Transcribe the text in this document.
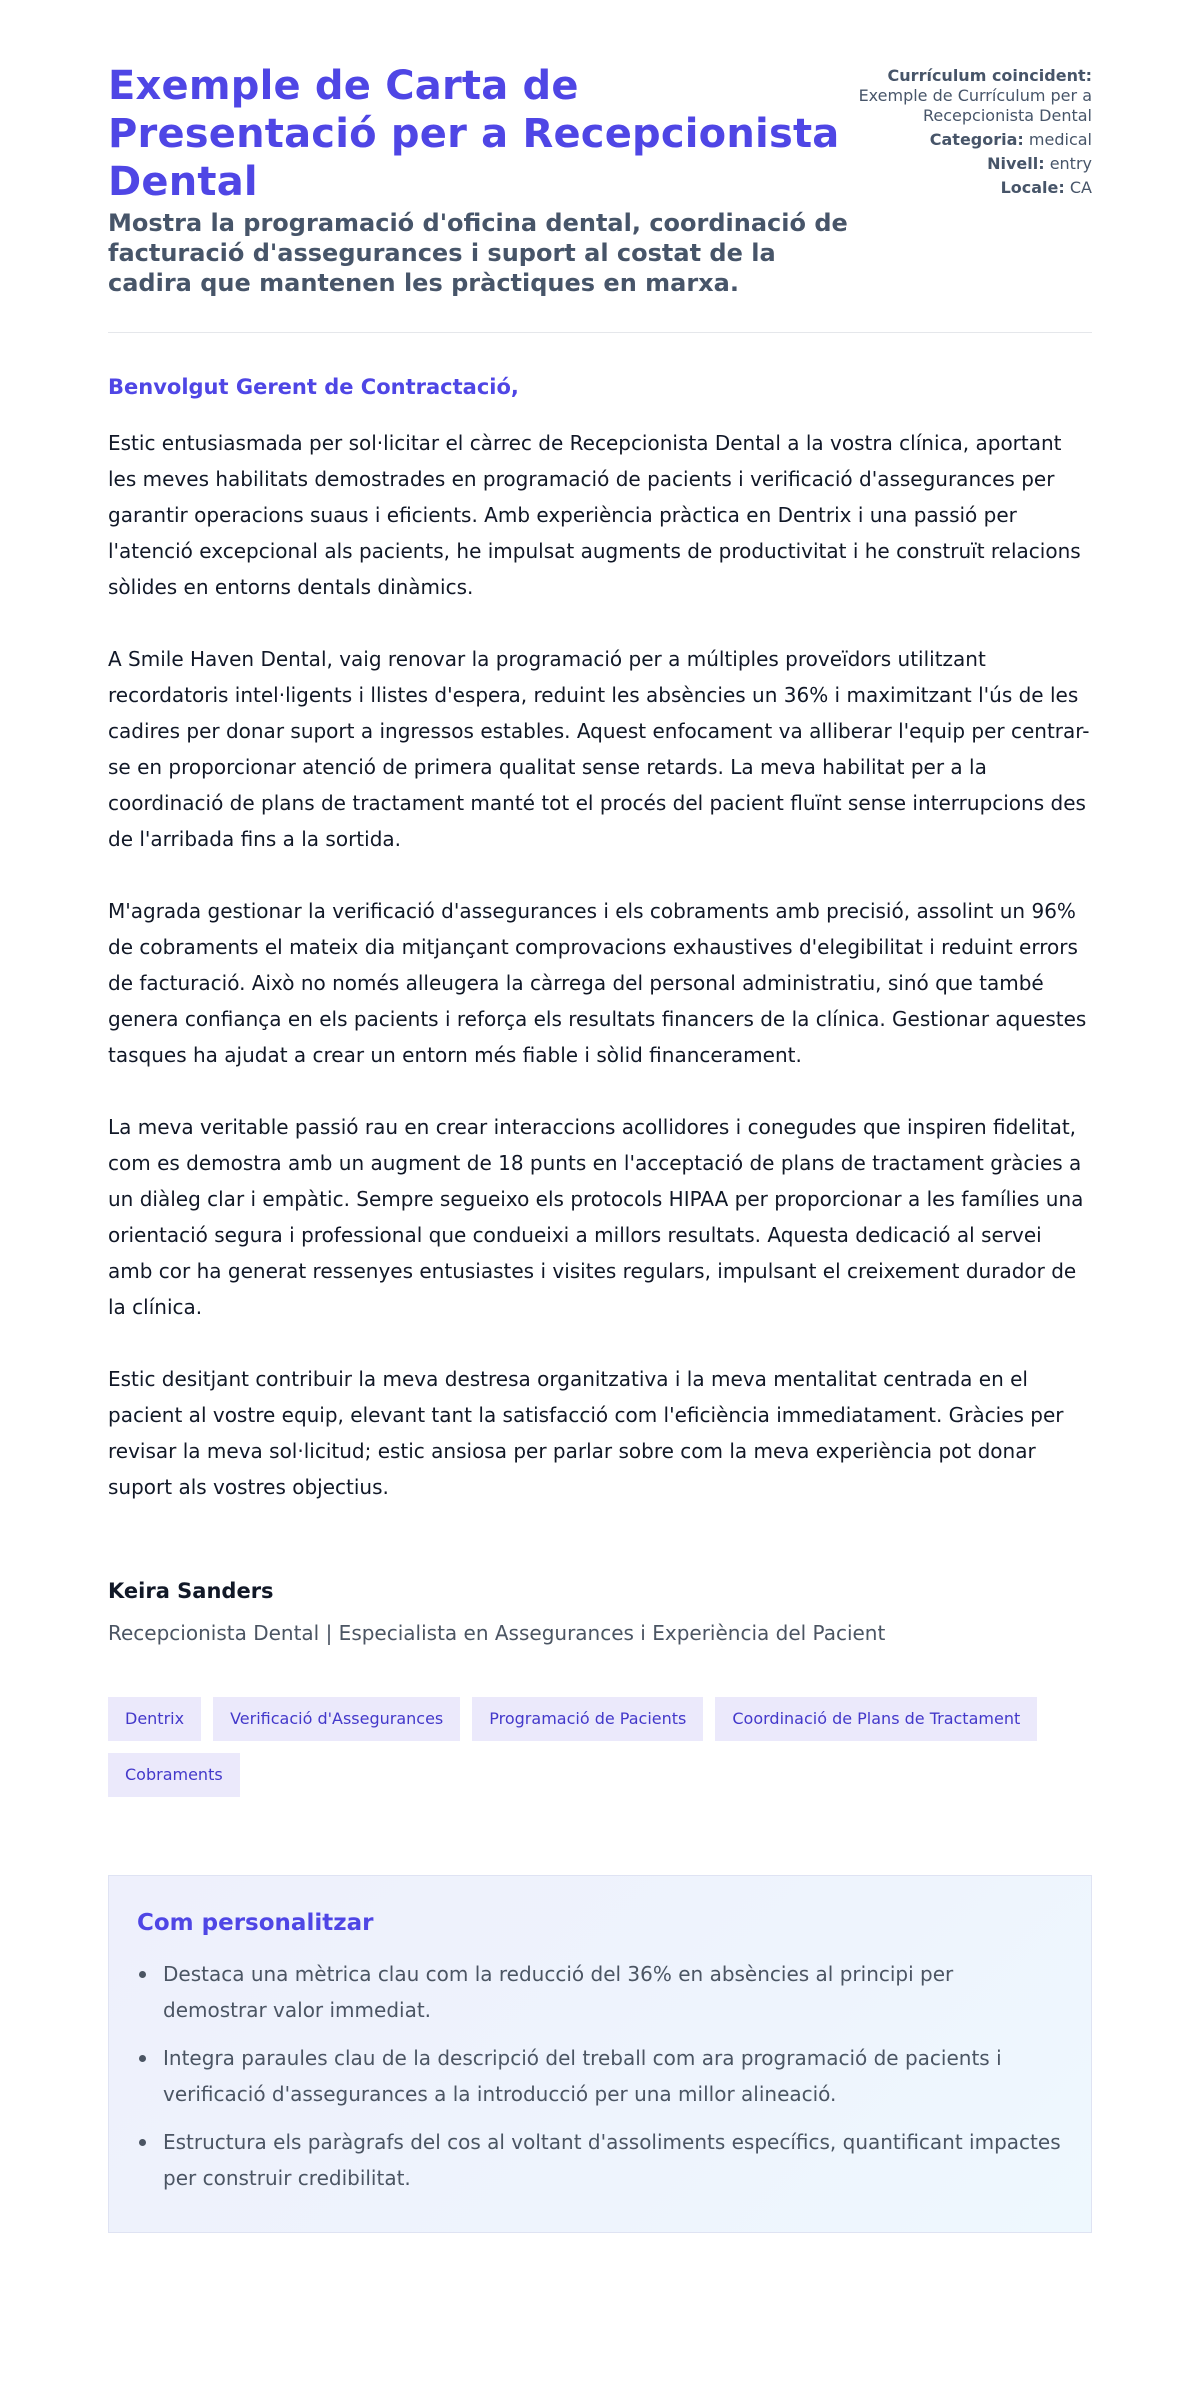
Exemple de Carta de Presentació per a Recepcionista Dental
Mostra la programació d'oficina dental, coordinació de facturació d'assegurances i suport al costat de la cadira que mantenen les pràctiques en marxa.
Currículum coincident: Exemple de Currículum per a Recepcionista Dental
Categoria: medical
Nivell: entry
Locale: CA

Benvolgut Gerent de Contractació,

Estic entusiasmada per sol·licitar el càrrec de Recepcionista Dental a la vostra clínica, aportant les meves habilitats demostrades en programació de pacients i verificació d'assegurances per garantir operacions suaus i eficients. Amb experiència pràctica en Dentrix i una passió per l'atenció excepcional als pacients, he impulsat augments de productivitat i he construït relacions sòlides en entorns dentals dinàmics.

A Smile Haven Dental, vaig renovar la programació per a múltiples proveïdors utilitzant recordatoris intel·ligents i llistes d'espera, reduint les absències un 36% i maximitzant l'ús de les cadires per donar suport a ingressos estables. Aquest enfocament va alliberar l'equip per centrar-se en proporcionar atenció de primera qualitat sense retards. La meva habilitat per a la coordinació de plans de tractament manté tot el procés del pacient fluïnt sense interrupcions des de l'arribada fins a la sortida.

M'agrada gestionar la verificació d'assegurances i els cobraments amb precisió, assolint un 96% de cobraments el mateix dia mitjançant comprovacions exhaustives d'elegibilitat i reduint errors de facturació. Això no només alleugera la càrrega del personal administratiu, sinó que també genera confiança en els pacients i reforça els resultats financers de la clínica. Gestionar aquestes tasques ha ajudat a crear un entorn més fiable i sòlid financerament.

La meva veritable passió rau en crear interaccions acollidores i conegudes que inspiren fidelitat, com es demostra amb un augment de 18 punts en l'acceptació de plans de tractament gràcies a un diàleg clar i empàtic. Sempre segueixo els protocols HIPAA per proporcionar a les famílies una orientació segura i professional que condueixi a millors resultats. Aquesta dedicació al servei amb cor ha generat ressenyes entusiastes i visites regulars, impulsant el creixement durador de la clínica.

Estic desitjant contribuir la meva destresa organitzativa i la meva mentalitat centrada en el pacient al vostre equip, elevant tant la satisfacció com l'eficiència immediatament. Gràcies per revisar la meva sol·licitud; estic ansiosa per parlar sobre com la meva experiència pot donar suport als vostres objectius.

Keira Sanders
Recepcionista Dental | Especialista en Assegurances i Experiència del Pacient
Dentrix	Verificació d'Assegurances	Programació de Pacients	Coordinació de Plans de Tractament
Cobraments
Com personalitzar
Destaca una mètrica clau com la reducció del 36% en absències al principi per demostrar valor immediat.
Integra paraules clau de la descripció del treball com ara programació de pacients i verificació d'assegurances a la introducció per una millor alineació.
Estructura els paràgrafs del cos al voltant d'assoliments específics, quantificant impactes per construir credibilitat.
